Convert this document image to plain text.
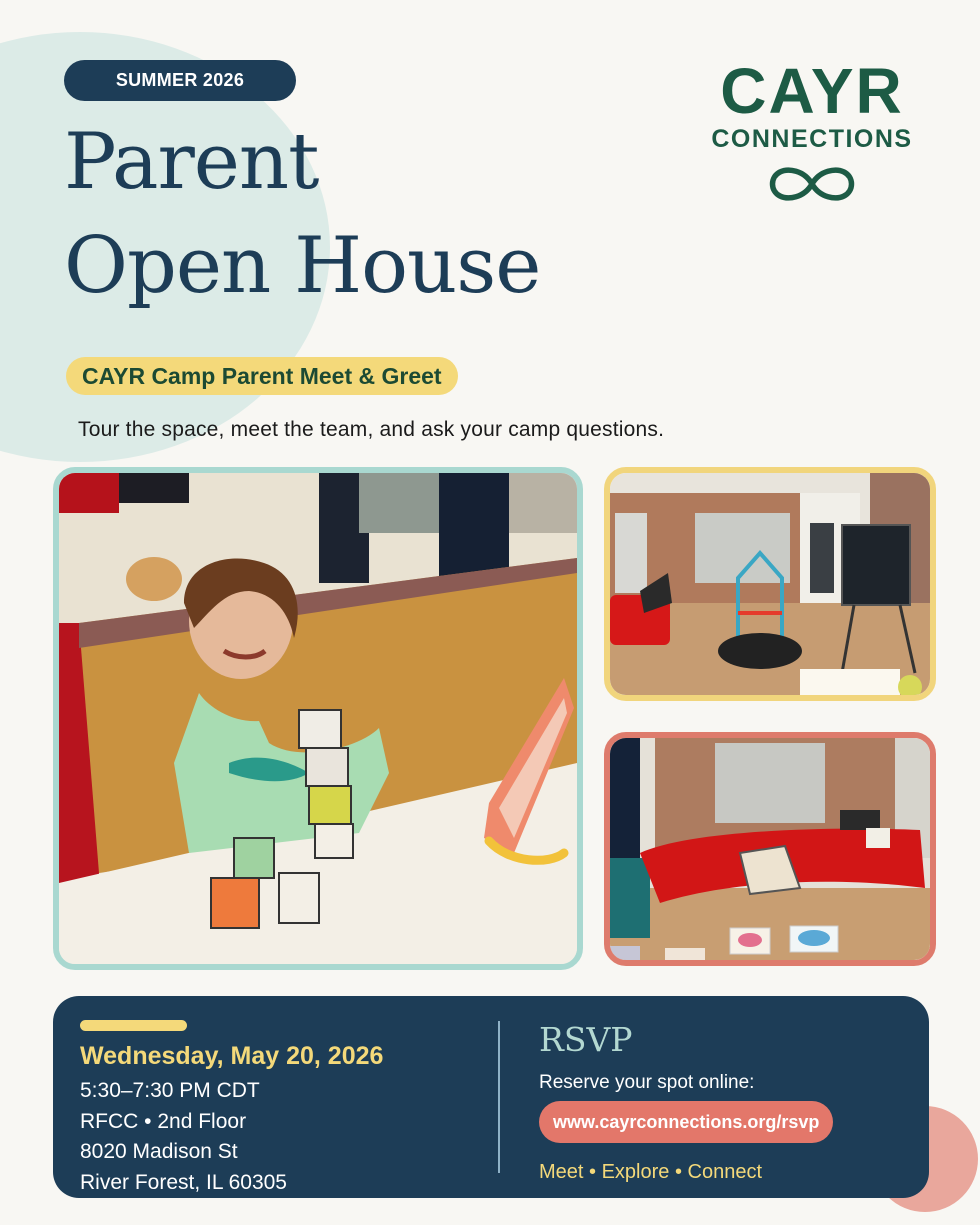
SUMMER 2026
Parent
Open House
CAYR
CONNECTIONS
CAYR Camp Parent Meet & Greet

Tour the space, meet the team, and ask your camp questions.

Wednesday, May 20, 2026
5:30–7:30 PM CDT
RFCC • 2nd Floor
8020 Madison St
River Forest, IL 60305
RSVP
Reserve your spot online:
www.cayrconnections.org/rsvp
Meet • Explore • Connect
